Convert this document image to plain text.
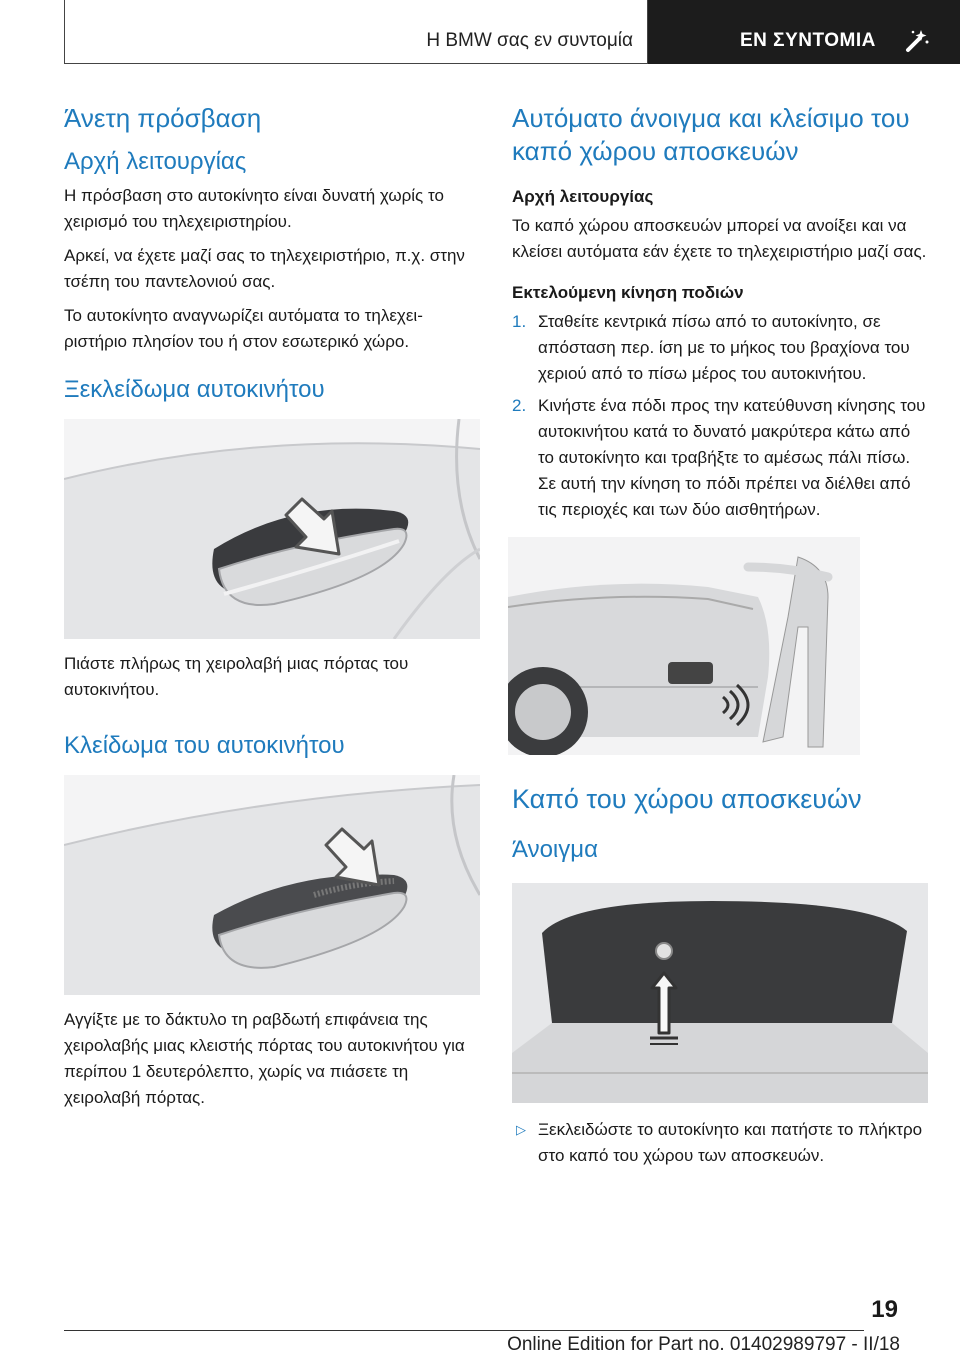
Η BMW σας εν συντομία	ΕΝ ΣΥΝΤΟΜΙΑ
Άνετη πρόσβαση
Αρχή λειτουργίας

Η πρόσβαση στο αυτοκίνητο είναι δυνατή χωρίς το χειρισμό του τηλεχειριστηρίου.

Αρκεί, να έχετε μαζί σας το τηλεχειριστήριο, π.χ. στην τσέπη του παντελονιού σας.

Το αυτοκίνητο αναγνωρίζει αυτόματα το τηλεχειριστήριο πλησίον του ή στον εσωτερικό χώρο.

Ξεκλείδωμα αυτοκινήτου

Πιάστε πλήρως τη χειρολαβή μιας πόρτας του αυτοκινήτου.

Κλείδωμα του αυτοκινήτου

Αγγίξτε με το δάκτυλο τη ραβδωτή επιφάνεια της χειρολαβής μιας κλειστής πόρτας του αυτοκινήτου για περίπου 1 δευτερόλεπτο, χωρίς να πιάσετε τη χειρολαβή πόρτας.

Αυτόματο άνοιγμα και κλείσιμο του καπό χώρου αποσκευών
Αρχή λειτουργίας

Το καπό χώρου αποσκευών μπορεί να ανοίξει και να κλείσει αυτόματα εάν έχετε το τηλεχειριστήριο μαζί σας.

Εκτελούμενη κίνηση ποδιών
1. Σταθείτε κεντρικά πίσω από το αυτοκίνητο, σε απόσταση περ. ίση με το μήκος του βραχίονα του χεριού από το πίσω μέρος του αυτοκινήτου.
2. Κινήστε ένα πόδι προς την κατεύθυνση κίνησης του αυτοκινήτου κατά το δυνατό μακρύτερα κάτω από το αυτοκίνητο και τραβήξτε το αμέσως πάλι πίσω. Σε αυτή την κίνηση το πόδι πρέπει να διέλθει από τις περιοχές και των δύο αισθητήρων.
Καπό του χώρου αποσκευών
Άνοιγμα
▷ Ξεκλειδώστε το αυτοκίνητο και πατήστε το πλήκτρο στο καπό του χώρου των αποσκευών.
19
Online Edition for Part no. 01402989797 - II/18
